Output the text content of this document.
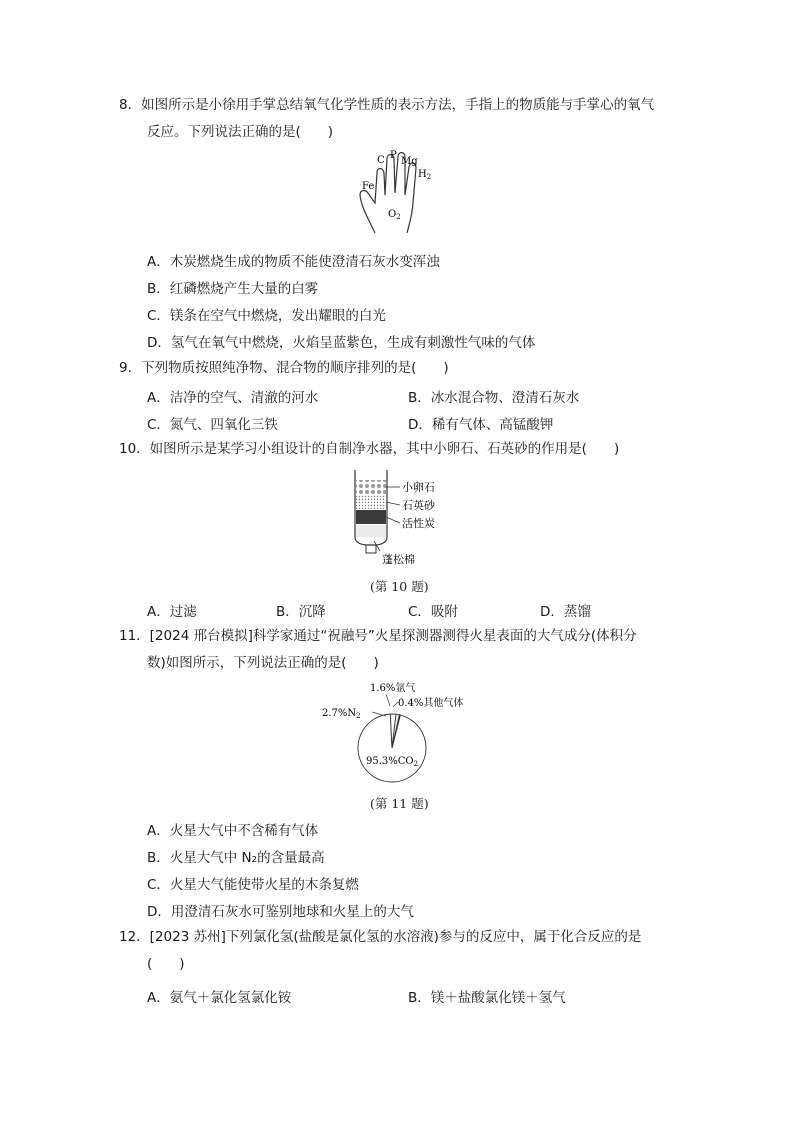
8．如图所示是小徐用手掌总结氧气化学性质的表示方法，手指上的物质能与手掌心的氧气
反应。下列说法正确的是(　　)
C P
Mg
Fe
$H_2$
$O_2$
A．木炭燃烧生成的物质不能使澄清石灰水变浑浊
B．红磷燃烧产生大量的白雾
C．镁条在空气中燃烧，发出耀眼的白光
D．氢气在氧气中燃烧，火焰呈蓝紫色，生成有刺激性气味的气体
9．下列物质按照纯净物、混合物的顺序排列的是(　　)
A．洁净的空气、清澈的河水	B．冰水混合物、澄清石灰水
C．氮气、四氧化三铁	D．稀有气体、高锰酸钾
10．如图所示是某学习小组设计的自制净水器，其中小卵石、石英砂的作用是(　　)
小卵石
石英砂
活性炭
蓬松棉
(第 10 题)
A．过滤	B．沉降	C．吸附	D．蒸馏
11．[2024 邢台模拟]科学家通过“祝融号”火星探测器测得火星表面的大气成分(体积分
数)如图所示，下列说法正确的是(　　)
$95.3\%CO_2$
$2.7\%N_2$
1.6%氩气
0.4%其他气体
(第 11 题)
A．火星大气中不含稀有气体
B．火星大气中 N₂的含量最高
C．火星大气能使带火星的木条复燃
D．用澄清石灰水可鉴别地球和火星上的大气
12．[2023 苏州]下列氯化氢(盐酸是氯化氢的水溶液)参与的反应中，属于化合反应的是
(　　)
A．氨气＋氯化氢氯化铵	B．镁＋盐酸氯化镁＋氢气
